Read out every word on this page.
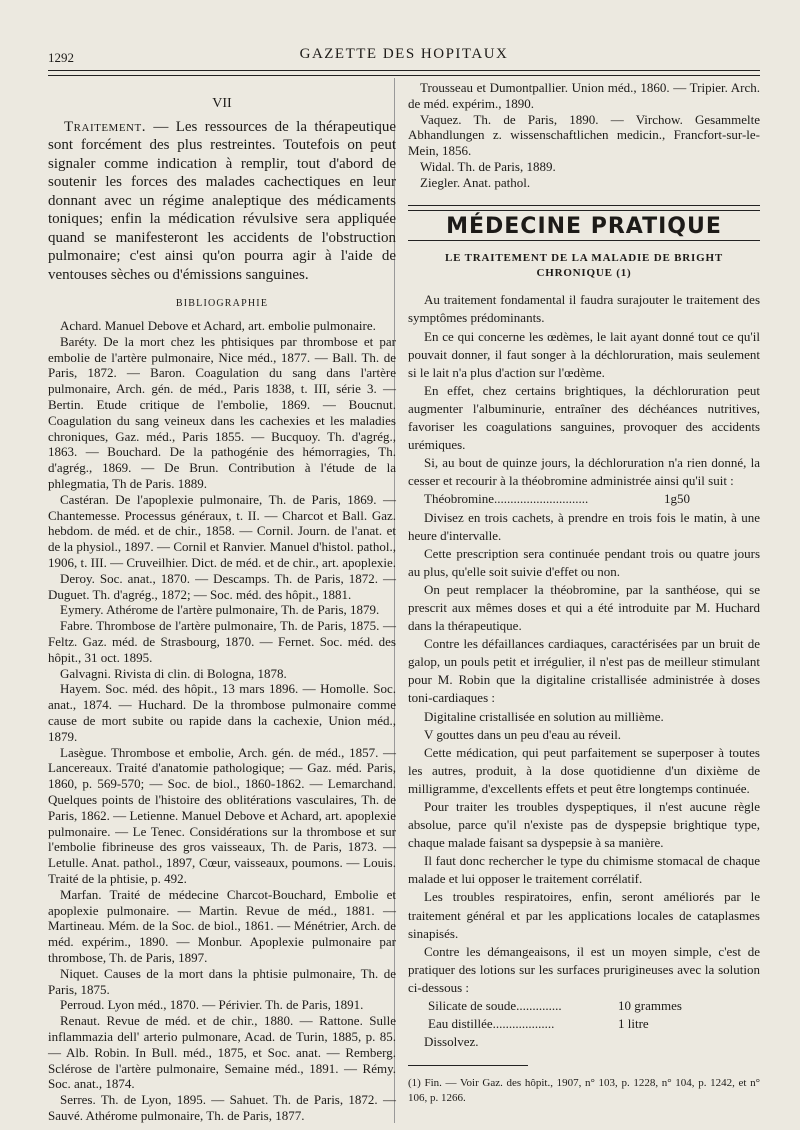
1292	GAZETTE DES HOPITAUX

VII

Traitement. — Les ressources de la thérapeutique sont forcément des plus restreintes. Toutefois on peut signaler comme indication à remplir, tout d'abord de soutenir les forces des malades cachectiques en leur donnant avec un régime analeptique des médicaments toniques; enfin la médication révulsive sera appliquée quand se manifesteront les accidents de l'obstruction pulmonaire; c'est ainsi qu'on pourra agir à l'aide de ventouses sèches ou d'émissions sanguines.

BIBLIOGRAPHIE

Achard. Manuel Debove et Achard, art. embolie pulmonaire.

Baréty. De la mort chez les phtisiques par thrombose et par embolie de l'artère pulmonaire, Nice méd., 1877. — Ball. Th. de Paris, 1872. — Baron. Coagulation du sang dans l'artère pulmonaire, Arch. gén. de méd., Paris 1838, t. III, série 3. — Bertin. Etude critique de l'embolie, 1869. — Boucnut. Coagulation du sang veineux dans les cachexies et les maladies chroniques, Gaz. méd., Paris 1855. — Bucquoy. Th. d'agrég., 1863. — Bouchard. De la pathogénie des hémorragies, Th. d'agrég., 1869. — De Brun. Contribution à l'étude de la phlegmatia, Th de Paris. 1889.

Castéran. De l'apoplexie pulmonaire, Th. de Paris, 1869. — Chantemesse. Processus généraux, t. II. — Charcot et Ball. Gaz. hebdom. de méd. et de chir., 1858. — Cornil. Journ. de l'anat. et de la physiol., 1897. — Cornil et Ranvier. Manuel d'histol. pathol., 1906, t. III. — Cruveilhier. Dict. de méd. et de chir., art. apoplexie.

Deroy. Soc. anat., 1870. — Descamps. Th. de Paris, 1872. — Duguet. Th. d'agrég., 1872; — Soc. méd. des hôpit., 1881.

Eymery. Athérome de l'artère pulmonaire, Th. de Paris, 1879.

Fabre. Thrombose de l'artère pulmonaire, Th. de Paris, 1875. — Feltz. Gaz. méd. de Strasbourg, 1870. — Fernet. Soc. méd. des hôpit., 31 oct. 1895.

Galvagni. Rivista di clin. di Bologna, 1878.

Hayem. Soc. méd. des hôpit., 13 mars 1896. — Homolle. Soc. anat., 1874. — Huchard. De la thrombose pulmonaire comme cause de mort subite ou rapide dans la cachexie, Union méd., 1879.

Lasègue. Thrombose et embolie, Arch. gén. de méd., 1857. — Lancereaux. Traité d'anatomie pathologique; — Gaz. méd. Paris, 1860, p. 569-570; — Soc. de biol., 1860-1862. — Lemarchand. Quelques points de l'histoire des oblitérations vasculaires, Th. de Paris, 1862. — Letienne. Manuel Debove et Achard, art. apoplexie pulmonaire. — Le Tenec. Considérations sur la thrombose et sur l'embolie fibrineuse des gros vaisseaux, Th. de Paris, 1873. — Letulle. Anat. pathol., 1897, Cœur, vaisseaux, poumons. — Louis. Traité de la phtisie, p. 492.

Marfan. Traité de médecine Charcot-Bouchard, Embolie et apoplexie pulmonaire. — Martin. Revue de méd., 1881. — Martineau. Mém. de la Soc. de biol., 1861. — Ménétrier, Arch. de méd. expérim., 1890. — Monbur. Apoplexie pulmonaire par thrombose, Th. de Paris, 1897.

Niquet. Causes de la mort dans la phtisie pulmonaire, Th. de Paris, 1875.

Perroud. Lyon méd., 1870. — Périvier. Th. de Paris, 1891.

Renaut. Revue de méd. et de chir., 1880. — Rattone. Sulle inflammazia dell' arterio pulmonare, Acad. de Turin, 1885, p. 85. — Alb. Robin. In Bull. méd., 1875, et Soc. anat. — Remberg. Sclérose de l'artère pulmonaire, Semaine méd., 1891. — Rémy. Soc. anat., 1874.

Serres. Th. de Lyon, 1895. — Sahuet. Th. de Paris, 1872. — Sauvé. Athérome pulmonaire, Th. de Paris, 1877.

Trousseau et Dumontpallier. Union méd., 1860. — Tripier. Arch. de méd. expérim., 1890.

Vaquez. Th. de Paris, 1890. — Virchow. Gesammelte Abhandlungen z. wissenschaftlichen medicin., Francfort-sur-le-Mein, 1856.

Widal. Th. de Paris, 1889.

Ziegler. Anat. pathol.

MÉDECINE PRATIQUE

LE TRAITEMENT DE LA MALADIE DE BRIGHT
CHRONIQUE (1)

Au traitement fondamental il faudra surajouter le traitement des symptômes prédominants.

En ce qui concerne les œdèmes, le lait ayant donné tout ce qu'il pouvait donner, il faut songer à la déchloruration, mais seulement si le lait n'a plus d'action sur l'œdème.

En effet, chez certains brightiques, la déchloruration peut augmenter l'albuminurie, entraîner des déchéances nutritives, favoriser les coagulations sanguines, provoquer des accidents urémiques.

Si, au bout de quinze jours, la déchloruration n'a rien donné, la cesser et recourir à la théobromine administrée ainsi qu'il suit :

Théobromine.............................	1g50

Divisez en trois cachets, à prendre en trois fois le matin, à une heure d'intervalle.

Cette prescription sera continuée pendant trois ou quatre jours au plus, qu'elle soit suivie d'effet ou non.

On peut remplacer la théobromine, par la santhéose, qui se prescrit aux mêmes doses et qui a été introduite par M. Huchard dans la thérapeutique.

Contre les défaillances cardiaques, caractérisées par un bruit de galop, un pouls petit et irrégulier, il n'est pas de meilleur stimulant pour M. Robin que la digitaline cristallisée administrée à doses toni-cardiaques :

Digitaline cristallisée en solution au millième.

V gouttes dans un peu d'eau au réveil.

Cette médication, qui peut parfaitement se superposer à toutes les autres, produit, à la dose quotidienne d'un dixième de milligramme, d'excellents effets et peut être longtemps continuée.

Pour traiter les troubles dyspeptiques, il n'est aucune règle absolue, parce qu'il n'existe pas de dyspepsie brightique type, chaque malade faisant sa dyspepsie à sa manière.

Il faut donc rechercher le type du chimisme stomacal de chaque malade et lui opposer le traitement corrélatif.

Les troubles respiratoires, enfin, seront améliorés par le traitement général et par les applications locales de cataplasmes sinapisés.

Contre les démangeaisons, il est un moyen simple, c'est de pratiquer des lotions sur les surfaces prurigineuses avec la solution ci-dessous :

Silicate de soude..............	10 grammes

Eau distillée...................	1 litre

Dissolvez.

(1) Fin. — Voir Gaz. des hôpit., 1907, n° 103, p. 1228, n° 104, p. 1242, et n° 106, p. 1266.
